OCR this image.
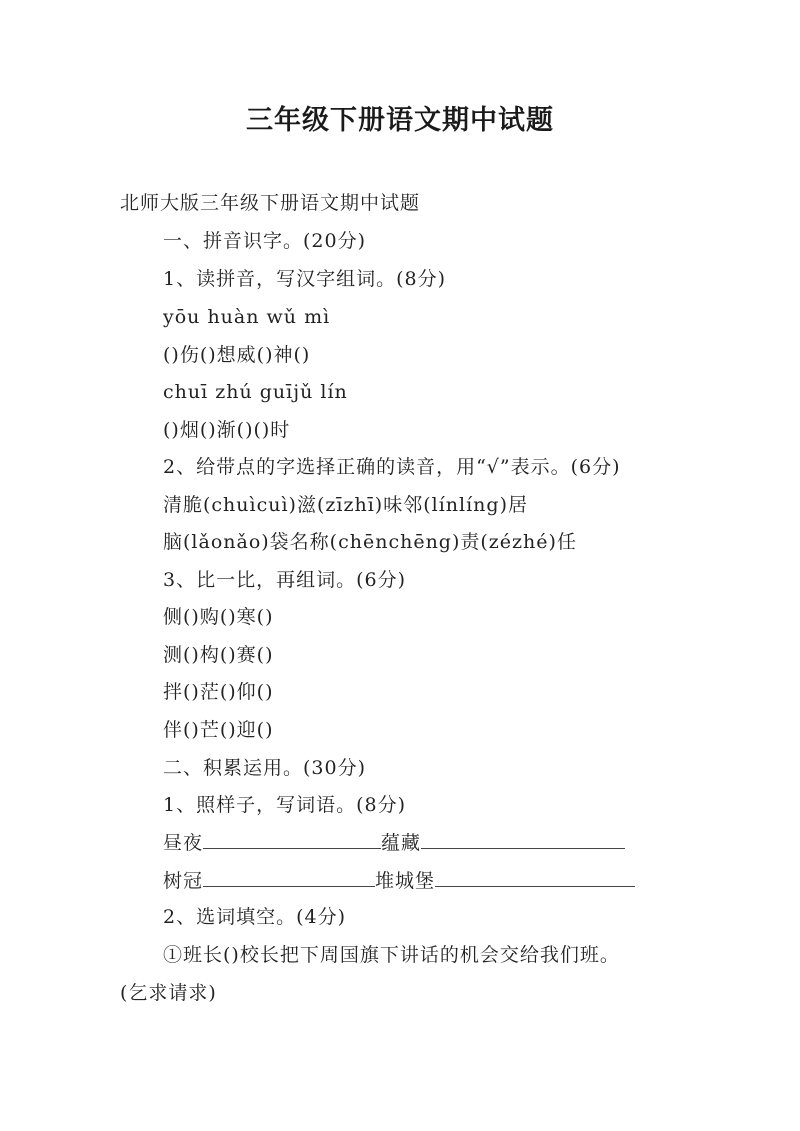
三年级下册语文期中试题
北师大版三年级下册语文期中试题
一、拼音识字。(20分)
1、读拼音，写汉字组词。(8分)
yōu huàn wǔ mì
()伤()想威()神()
chuī zhú guījǔ lín
()烟()渐()()时
2、给带点的字选择正确的读音，用“√”表示。(6分)
清脆(chuìcuì)滋(zīzhī)味邻(línlíng)居
脑(lǎonǎo)袋名称(chēnchēng)责(zézhé)任
3、比一比，再组词。(6分)
侧()购()寒()
测()构()赛()
拌()茫()仰()
伴()芒()迎()
二、积累运用。(30分)
1、照样子，写词语。(8分)
昼夜	蕴藏
树冠	堆城堡
2、选词填空。(4分)
①班长()校长把下周国旗下讲话的机会交给我们班。
(乞求请求)
